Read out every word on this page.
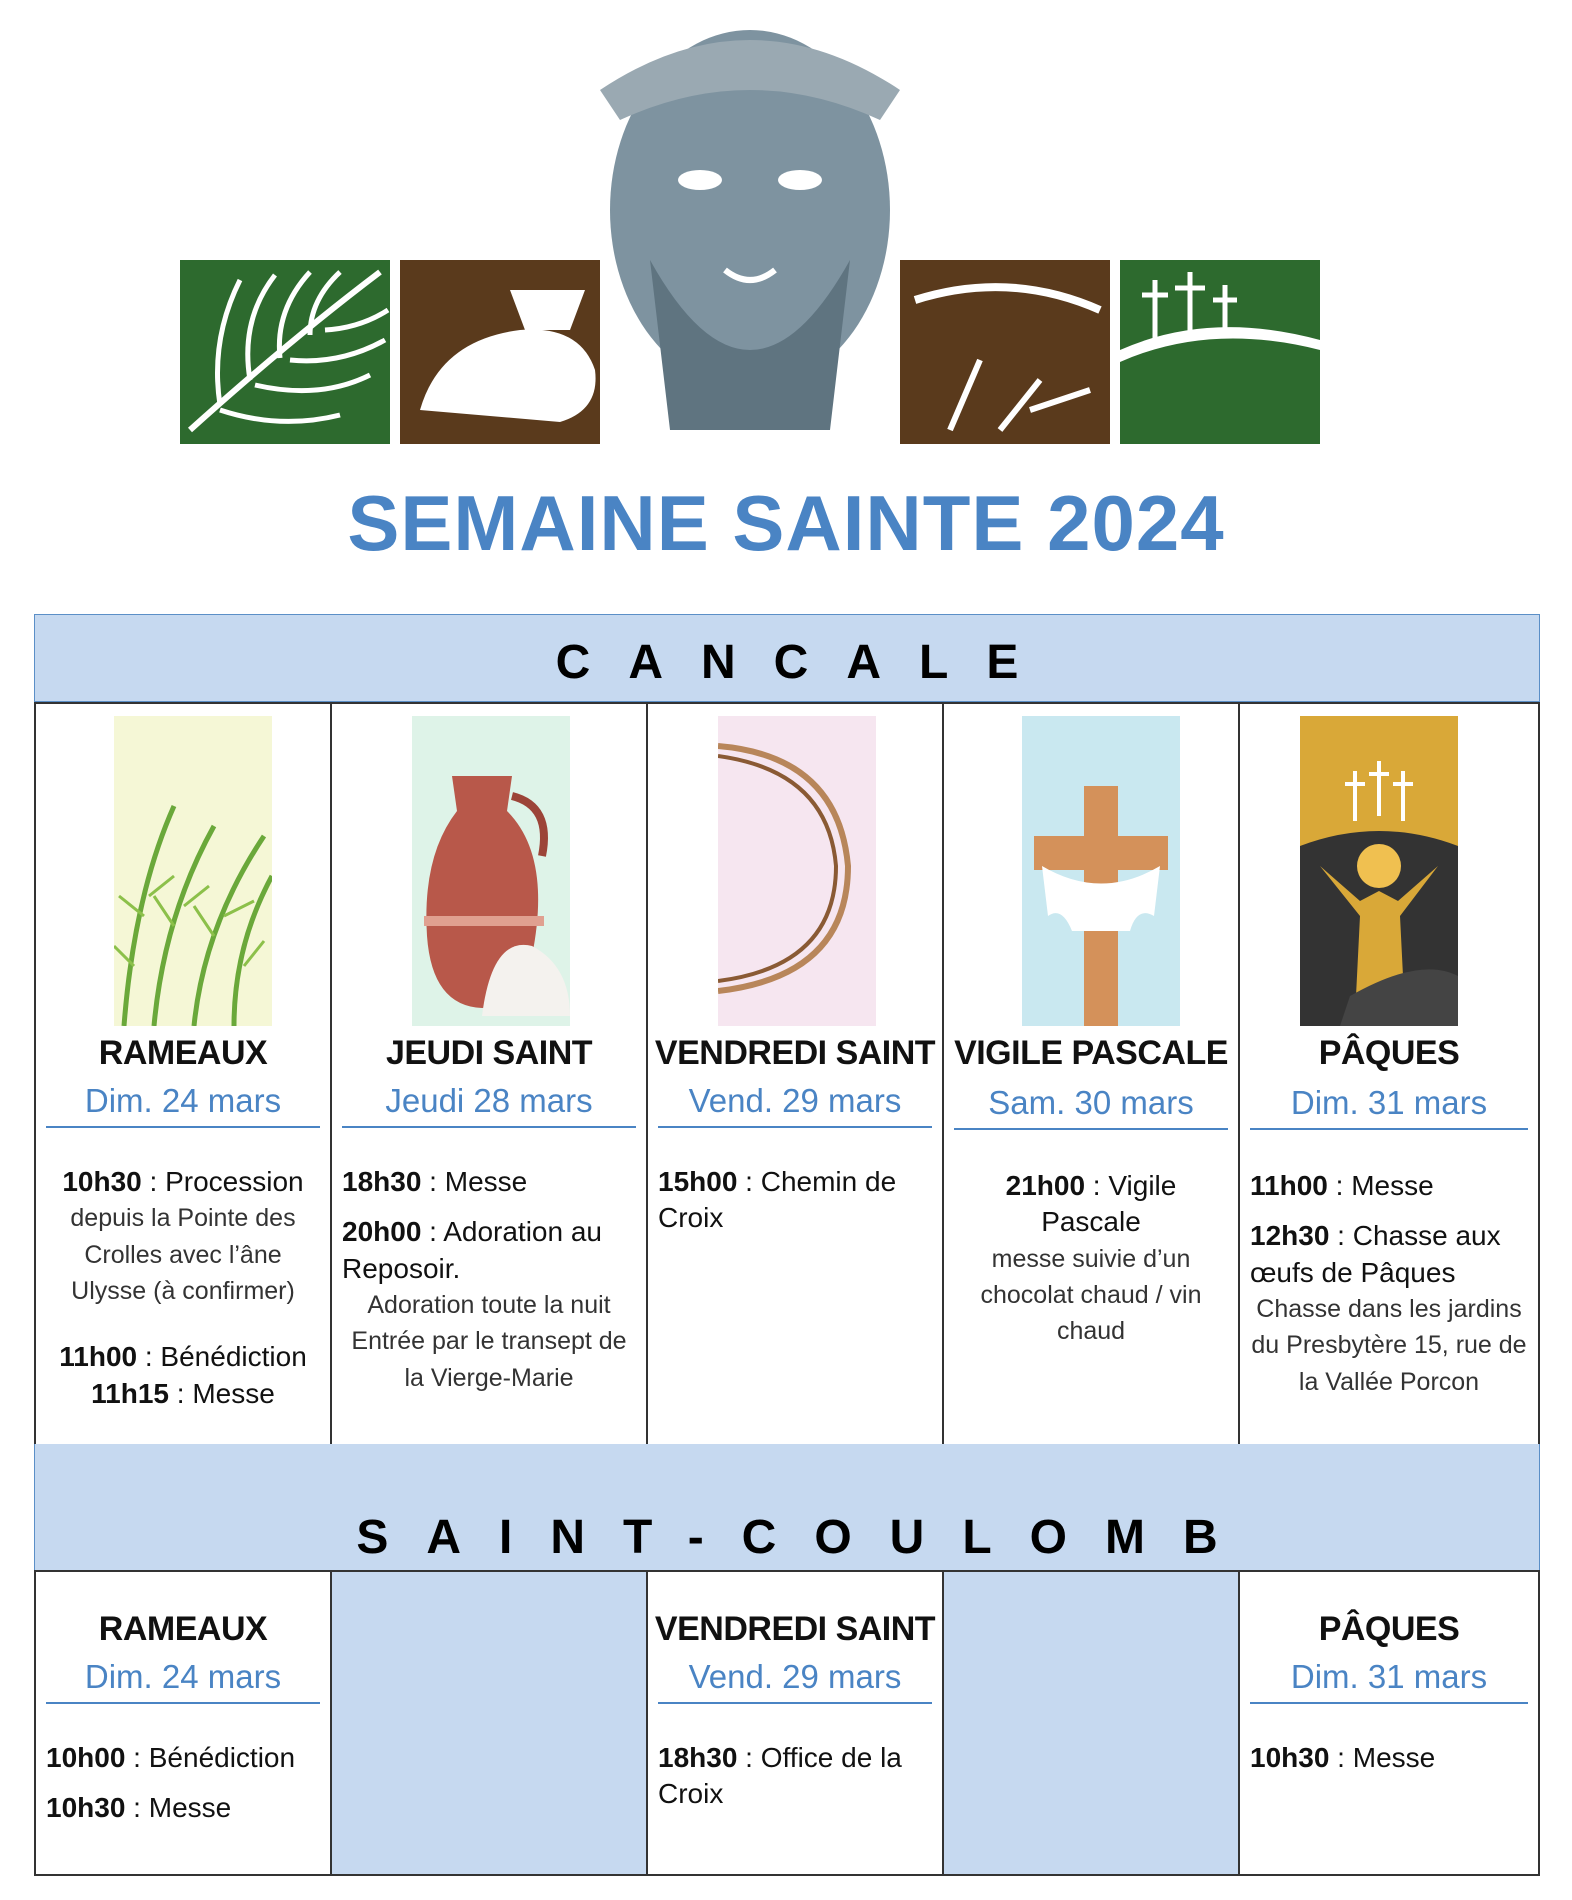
SEMAINE SAINTE 2024
CANCALE
RAMEAUX
Dim. 24 mars
10h30 : Procession
depuis la Pointe des Crolles avec l’âne Ulysse (à confirmer)
11h00 : Bénédiction
11h15 : Messe
JEUDI SAINT
Jeudi 28 mars
18h30 : Messe
20h00 : Adoration au Reposoir.
Adoration toute la nuit Entrée par le transept de la Vierge-Marie
VENDREDI SAINT
Vend. 29 mars
15h00 : Chemin de Croix
VIGILE PASCALE
Sam. 30 mars
21h00 : Vigile Pascale
messe suivie d’un chocolat chaud / vin chaud
PÂQUES
Dim. 31 mars
11h00 : Messe
12h30 : Chasse aux œufs de Pâques
Chasse dans les jardins du Presbytère 15, rue de la Vallée Porcon
SAINT-COULOMB
RAMEAUX
Dim. 24 mars
10h00 : Bénédiction
10h30 : Messe
VENDREDI SAINT
Vend. 29 mars
18h30 : Office de la Croix
PÂQUES
Dim. 31 mars
10h30 : Messe
